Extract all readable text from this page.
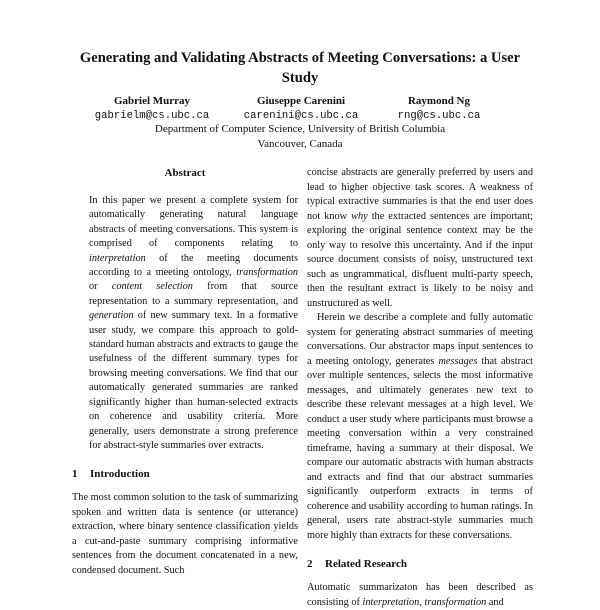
Generating and Validating Abstracts of Meeting Conversations: a User Study
Gabriel Murray
gabrielm@cs.ubc.ca
Giuseppe Carenini
carenini@cs.ubc.ca
Raymond Ng
rng@cs.ubc.ca
Department of Computer Science, University of British Columbia
Vancouver, Canada
Abstract

In this paper we present a complete system for automatically generating natural language abstracts of meeting conversations. This system is comprised of components relating to interpretation of the meeting documents according to a meeting ontology, transformation or content selection from that source representation to a summary representation, and generation of new summary text. In a formative user study, we compare this approach to gold-standard human abstracts and extracts to gauge the usefulness of the different summary types for browsing meeting conversations. We find that our automatically generated summaries are ranked significantly higher than human-selected extracts on coherence and usability criteria. More generally, users demonstrate a strong preference for abstract-style summaries over extracts.

1 Introduction

The most common solution to the task of summarizing spoken and written data is sentence (or utterance) extraction, where binary sentence classification yields a cut-and-paste summary comprising informative sentences from the document concatenated in a new, condensed document. Such

concise abstracts are generally preferred by users and lead to higher objective task scores. A weakness of typical extractive summaries is that the end user does not know why the extracted sentences are important; exploring the original sentence context may be the only way to resolve this uncertainty. And if the input source document consists of noisy, unstructured text such as ungrammatical, disfluent multi-party speech, then the resultant extract is likely to be noisy and unstructured as well.

Herein we describe a complete and fully automatic system for generating abstract summaries of meeting conversations. Our abstractor maps input sentences to a meeting ontology, generates messages that abstract over multiple sentences, selects the most informative messages, and ultimately generates new text to describe these relevant messages at a high level. We conduct a user study where participants must browse a meeting conversation within a very constrained timeframe, having a summary at their disposal. We compare our automatic abstracts with human abstracts and extracts and find that our abstract summaries significantly outperform extracts in terms of coherence and usability according to human ratings. In general, users rate abstract-style summaries much more highly than extracts for these conversations.

2 Related Research

Automatic summarizaton has been described as consisting of interpretation, transformation and
